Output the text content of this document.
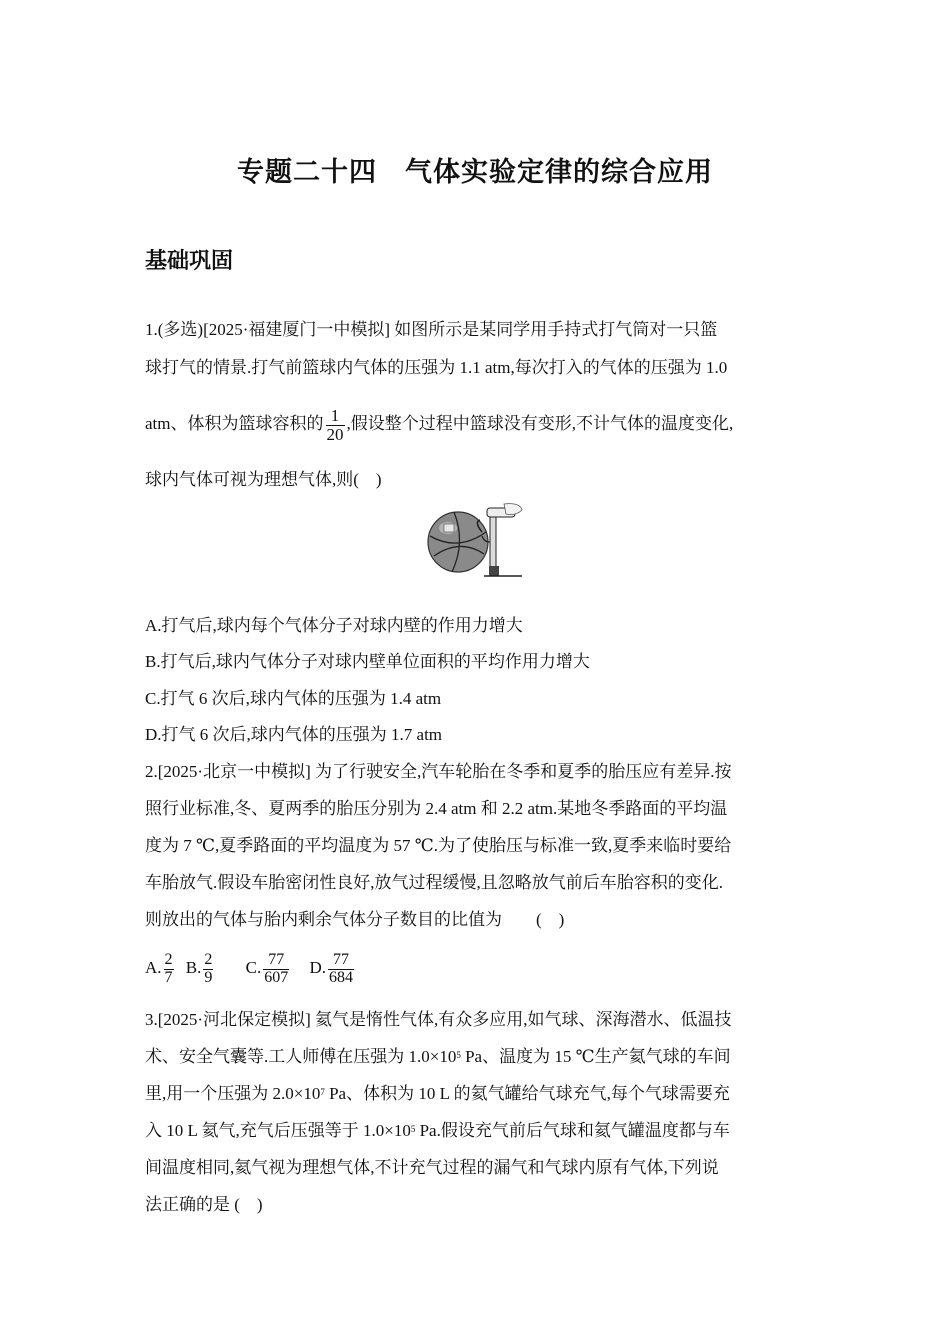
专题二十四　气体实验定律的综合应用
基础巩固
1.(多选)[2025·福建厦门一中模拟] 如图所示是某同学用手持式打气筒对一只篮
球打气的情景.打气前篮球内气体的压强为 1.1 atm,每次打入的气体的压强为 1.0
atm、体积为篮球容积的 $\frac{1}{20}$ ,假设整个过程中篮球没有变形,不计气体的温度变化,
球内气体可视为理想气体,则(　)
A.打气后,球内每个气体分子对球内壁的作用力增大
B.打气后,球内气体分子对球内壁单位面积的平均作用力增大
C.打气 6 次后,球内气体的压强为 1.4 atm
D.打气 6 次后,球内气体的压强为 1.7 atm
2.[2025·北京一中模拟] 为了行驶安全,汽车轮胎在冬季和夏季的胎压应有差异.按
照行业标准,冬、夏两季的胎压分别为 2.4 atm 和 2.2 atm.某地冬季路面的平均温
度为 7 ℃,夏季路面的平均温度为 57 ℃.为了使胎压与标准一致,夏季来临时要给
车胎放气.假设车胎密闭性良好,放气过程缓慢,且忽略放气前后车胎容积的变化.
则放出的气体与胎内剩余气体分子数目的比值为　　(　)
A. $\frac{2}{7} B$. $\frac{2}{9} C$. $\frac{77}{607} D$. $\frac{77}{684}$
3.[2025·河北保定模拟] 氦气是惰性气体,有众多应用,如气球、深海潜水、低温技
术、安全气囊等.工人师傅在压强为 $1.0\times 10^5$ Pa、温度为 15 ℃生产氦气球的车间
里,用一个压强为 $2.0\times 10^7$ Pa、体积为 10 L 的氦气罐给气球充气,每个气球需要充
入 10 L 氦气,充气后压强等于 $1.0\times 10^5$ Pa.假设充气前后气球和氦气罐温度都与车
间温度相同,氦气视为理想气体,不计充气过程的漏气和气球内原有气体,下列说
法正确的是 (　)
